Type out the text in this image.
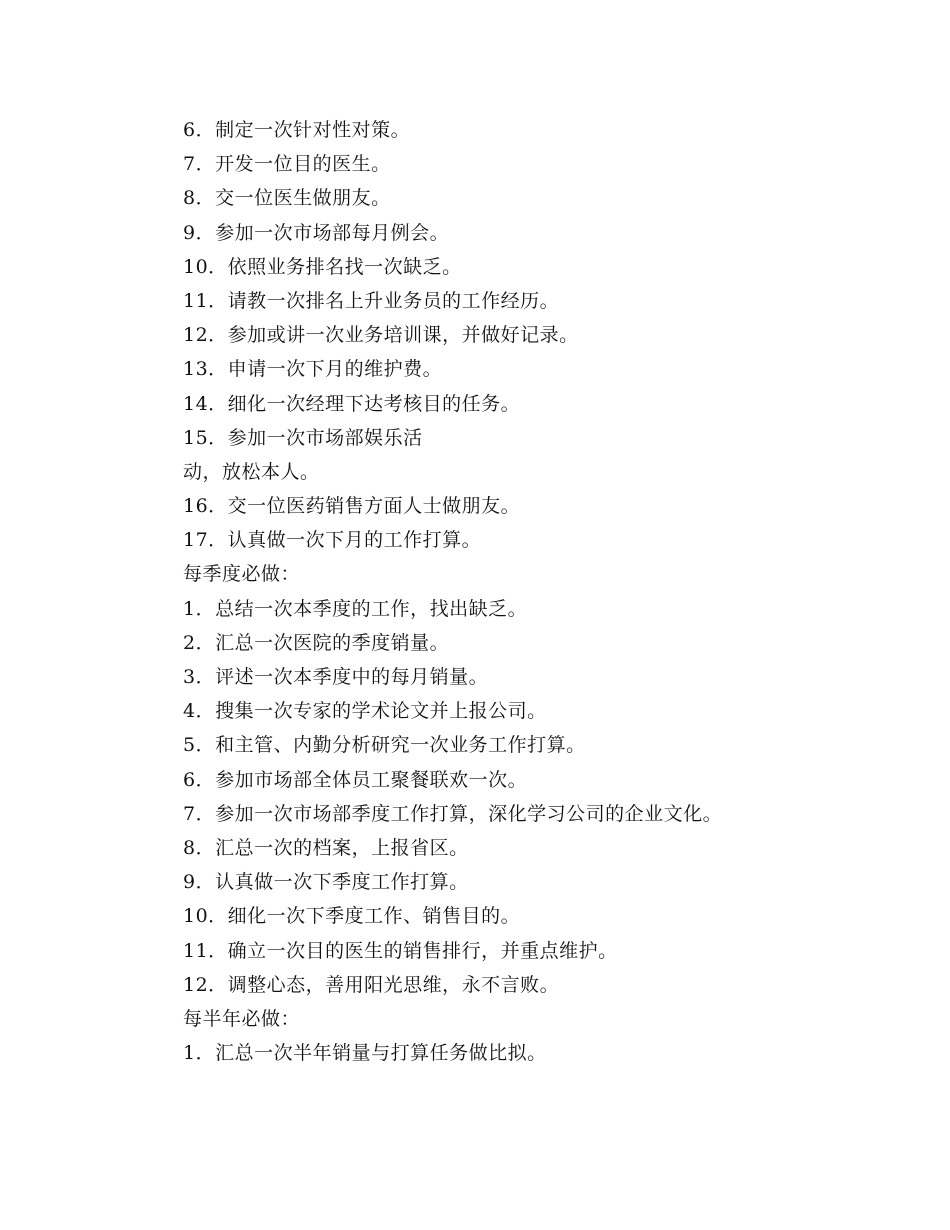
6．制定一次针对性对策。
7．开发一位目的医生。
8．交一位医生做朋友。
9．参加一次市场部每月例会。
10．依照业务排名找一次缺乏。
11．请教一次排名上升业务员的工作经历。
12．参加或讲一次业务培训课，并做好记录。
13．申请一次下月的维护费。
14．细化一次经理下达考核目的任务。
15．参加一次市场部娱乐活
动，放松本人。
16．交一位医药销售方面人士做朋友。
17．认真做一次下月的工作打算。
每季度必做：
1．总结一次本季度的工作，找出缺乏。
2．汇总一次医院的季度销量。
3．评述一次本季度中的每月销量。
4．搜集一次专家的学术论文并上报公司。
5．和主管、内勤分析研究一次业务工作打算。
6．参加市场部全体员工聚餐联欢一次。
7．参加一次市场部季度工作打算，深化学习公司的企业文化。
8．汇总一次的档案，上报省区。
9．认真做一次下季度工作打算。
10．细化一次下季度工作、销售目的。
11．确立一次目的医生的销售排行，并重点维护。
12．调整心态，善用阳光思维，永不言败。
每半年必做：
1．汇总一次半年销量与打算任务做比拟。
